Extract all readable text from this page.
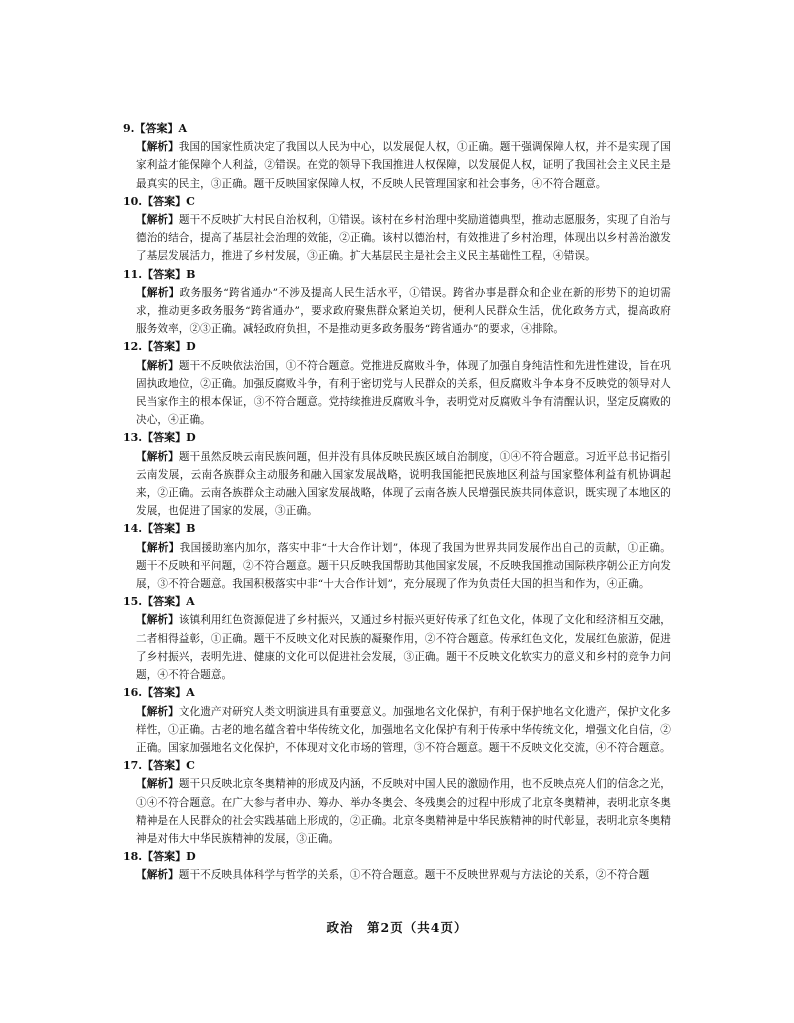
9.【答案】A

【解析】我国的国家性质决定了我国以人民为中心，以发展促人权，①正确。题干强调保障人权，并不是实现了国家利益才能保障个人利益，②错误。在党的领导下我国推进人权保障，以发展促人权，证明了我国社会主义民主是最真实的民主，③正确。题干反映国家保障人权，不反映人民管理国家和社会事务，④不符合题意。

10.【答案】C

【解析】题干不反映扩大村民自治权利，①错误。该村在乡村治理中奖励道德典型，推动志愿服务，实现了自治与德治的结合，提高了基层社会治理的效能，②正确。该村以德治村，有效推进了乡村治理，体现出以乡村善治激发了基层发展活力，推进了乡村发展，③正确。扩大基层民主是社会主义民主基础性工程，④错误。

11.【答案】B

【解析】政务服务“跨省通办”不涉及提高人民生活水平，①错误。跨省办事是群众和企业在新的形势下的迫切需求，推动更多政务服务“跨省通办”，要求政府聚焦群众紧迫关切，便利人民群众生活，优化政务方式，提高政府服务效率，②③正确。减轻政府负担，不是推动更多政务服务“跨省通办”的要求，④排除。

12.【答案】D

【解析】题干不反映依法治国，①不符合题意。党推进反腐败斗争，体现了加强自身纯洁性和先进性建设，旨在巩固执政地位，②正确。加强反腐败斗争，有利于密切党与人民群众的关系，但反腐败斗争本身不反映党的领导对人民当家作主的根本保证，③不符合题意。党持续推进反腐败斗争，表明党对反腐败斗争有清醒认识，坚定反腐败的决心，④正确。

13.【答案】D

【解析】题干虽然反映云南民族问题，但并没有具体反映民族区域自治制度，①④不符合题意。习近平总书记指引云南发展，云南各族群众主动服务和融入国家发展战略，说明我国能把民族地区利益与国家整体利益有机协调起来，②正确。云南各族群众主动融入国家发展战略，体现了云南各族人民增强民族共同体意识，既实现了本地区的发展，也促进了国家的发展，③正确。

14.【答案】B

【解析】我国援助塞内加尔，落实中非“十大合作计划”，体现了我国为世界共同发展作出自己的贡献，①正确。题干不反映和平问题，②不符合题意。题干只反映我国帮助其他国家发展，不反映我国推动国际秩序朝公正方向发展，③不符合题意。我国积极落实中非“十大合作计划”，充分展现了作为负责任大国的担当和作为，④正确。

15.【答案】A

【解析】该镇利用红色资源促进了乡村振兴，又通过乡村振兴更好传承了红色文化，体现了文化和经济相互交融，二者相得益彰，①正确。题干不反映文化对民族的凝聚作用，②不符合题意。传承红色文化，发展红色旅游，促进了乡村振兴，表明先进、健康的文化可以促进社会发展，③正确。题干不反映文化软实力的意义和乡村的竞争力问题，④不符合题意。

16.【答案】A

【解析】文化遗产对研究人类文明演进具有重要意义。加强地名文化保护，有利于保护地名文化遗产，保护文化多样性，①正确。古老的地名蕴含着中华传统文化，加强地名文化保护有利于传承中华传统文化，增强文化自信，②正确。国家加强地名文化保护，不体现对文化市场的管理，③不符合题意。题干不反映文化交流，④不符合题意。

17.【答案】C

【解析】题干只反映北京冬奥精神的形成及内涵，不反映对中国人民的激励作用，也不反映点亮人们的信念之光，①④不符合题意。在广大参与者申办、筹办、举办冬奥会、冬残奥会的过程中形成了北京冬奥精神，表明北京冬奥精神是在人民群众的社会实践基础上形成的，②正确。北京冬奥精神是中华民族精神的时代彰显，表明北京冬奥精神是对伟大中华民族精神的发展，③正确。

18.【答案】D

【解析】题干不反映具体科学与哲学的关系，①不符合题意。题干不反映世界观与方法论的关系，②不符合题

政治　第2页（共4页）
